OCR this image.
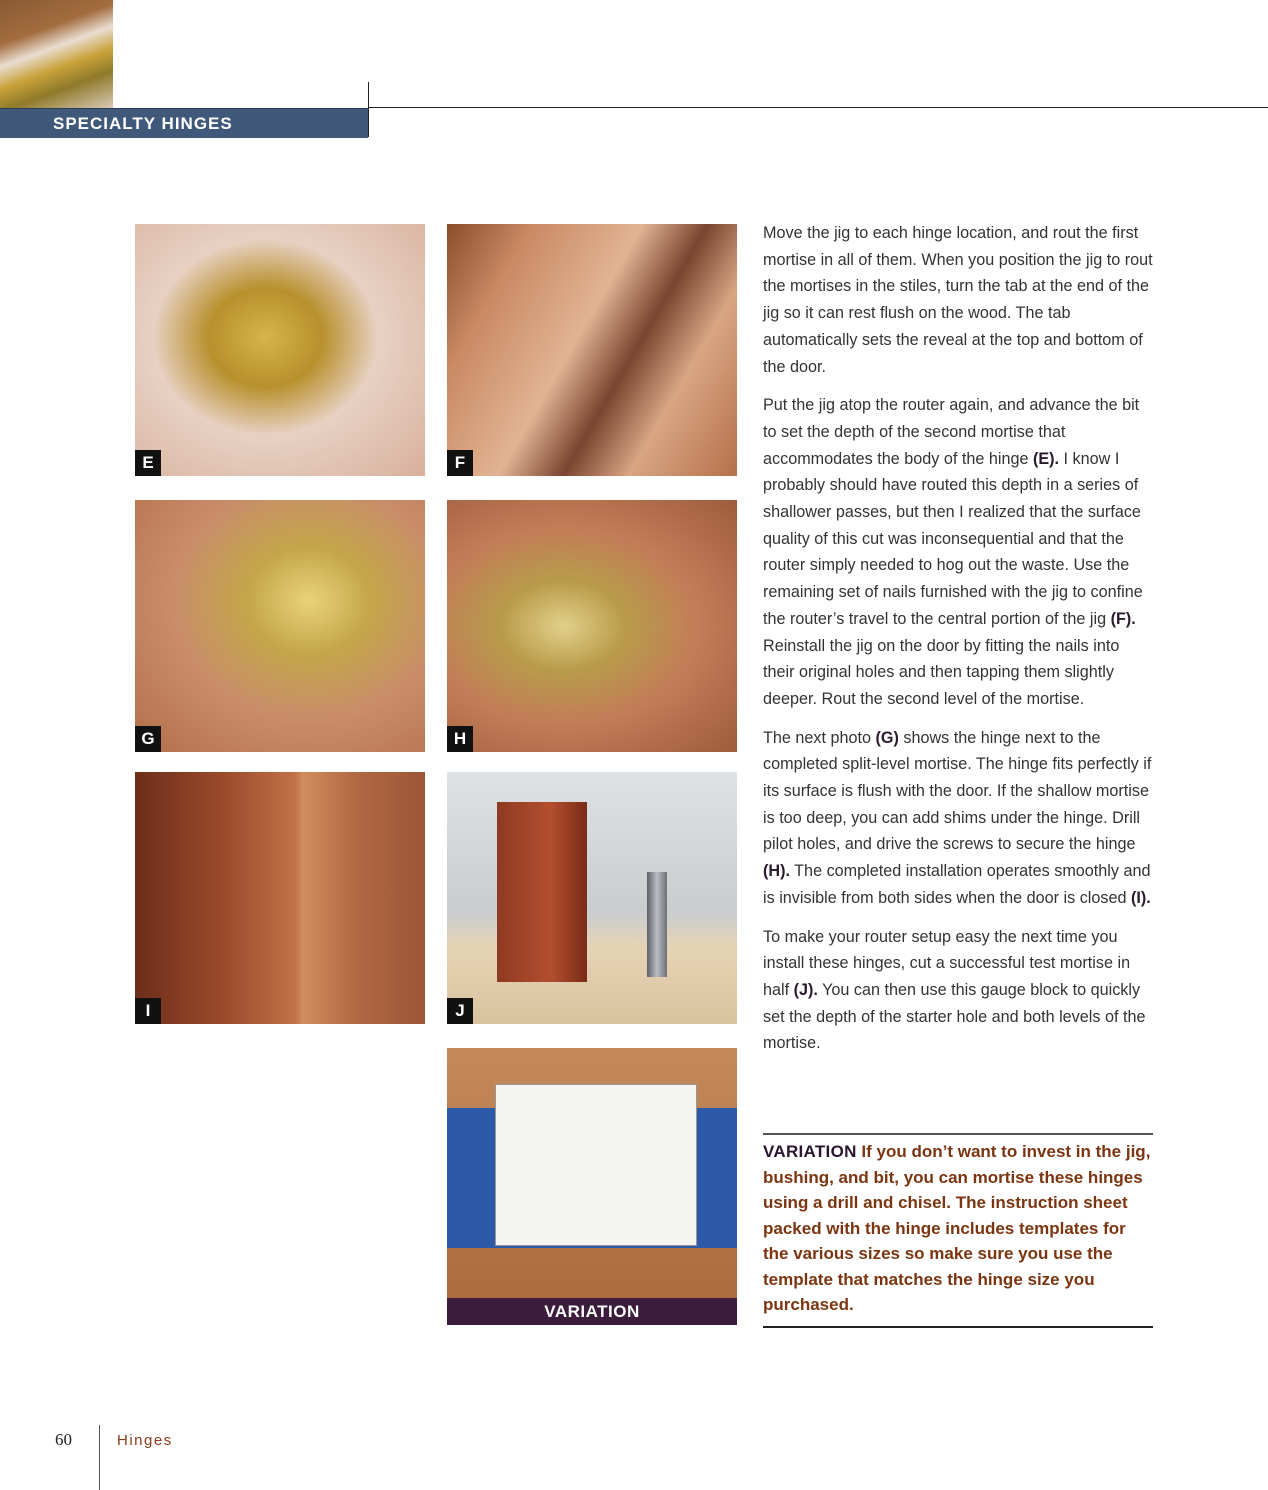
SPECIALTY HINGES
E	F
G	H
I	J
VARIATION

Move the jig to each hinge location, and rout the first mortise in all of them. When you position the jig to rout the mortises in the stiles, turn the tab at the end of the jig so it can rest flush on the wood. The tab automatically sets the reveal at the top and bottom of the door.

Put the jig atop the router again, and advance the bit to set the depth of the second mortise that accommodates the body of the hinge (E). I know I probably should have routed this depth in a series of shallower passes, but then I realized that the surface quality of this cut was inconsequential and that the router simply needed to hog out the waste. Use the remaining set of nails furnished with the jig to confine the router’s travel to the central portion of the jig (F). Reinstall the jig on the door by fitting the nails into their original holes and then tapping them slightly deeper. Rout the second level of the mortise.

The next photo (G) shows the hinge next to the completed split-level mortise. The hinge fits perfectly if its surface is flush with the door. If the shallow mortise is too deep, you can add shims under the hinge. Drill pilot holes, and drive the screws to secure the hinge (H). The completed installation operates smoothly and is invisible from both sides when the door is closed (I).

To make your router setup easy the next time you install these hinges, cut a successful test mortise in half (J). You can then use this gauge block to quickly set the depth of the starter hole and both levels of the mortise.

VARIATION If you don’t want to invest in the jig, bushing, and bit, you can mortise these hinges using a drill and chisel. The instruction sheet packed with the hinge includes templates for the various sizes so make sure you use the template that matches the hinge size you purchased.
60	Hinges
